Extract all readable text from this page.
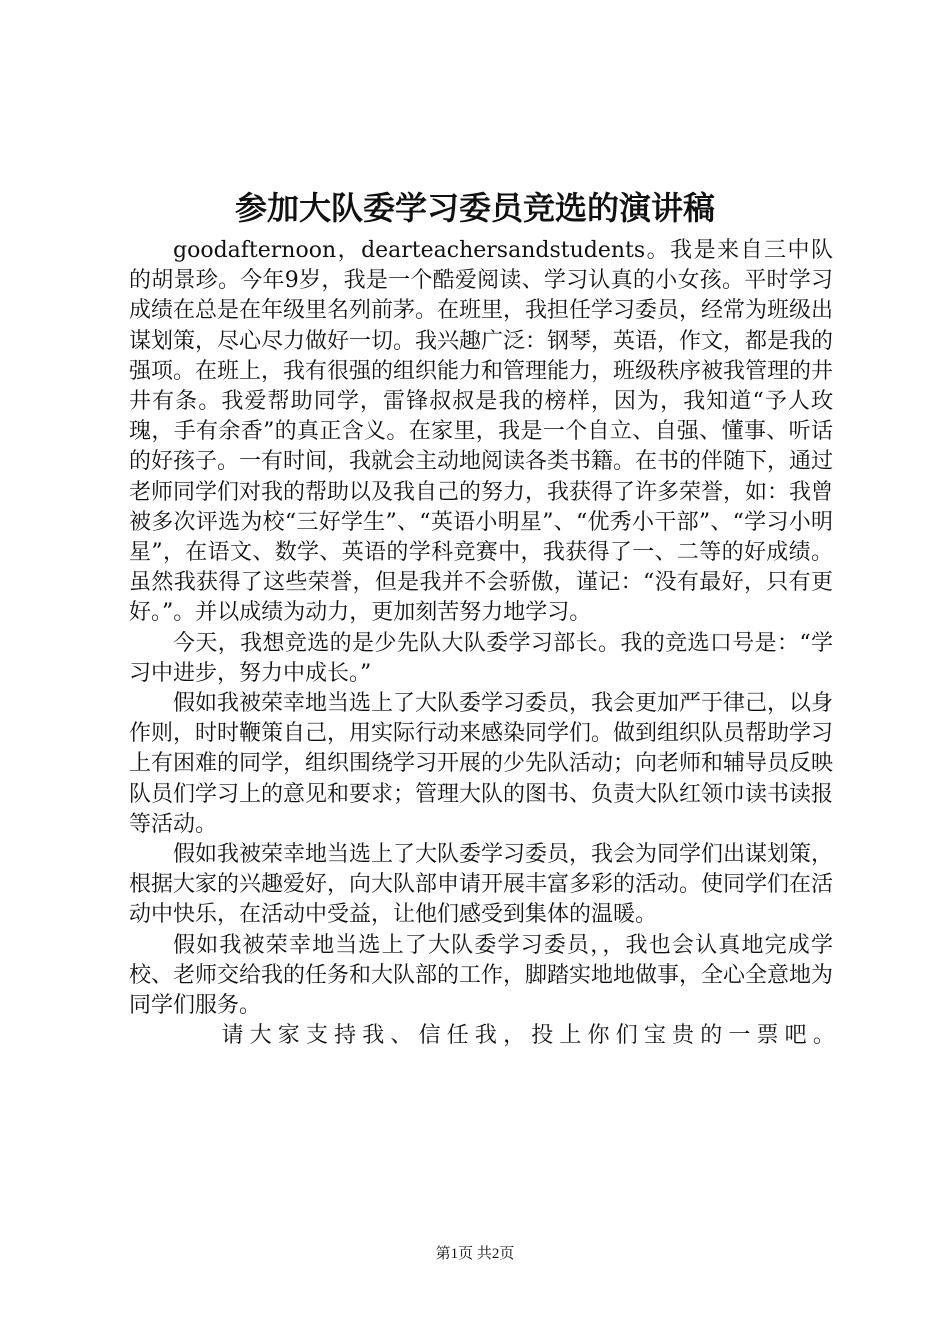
参加大队委学习委员竞选的演讲稿

goodafternoon，dearteachersandstudents。我是来自三中队的胡景珍。今年9岁，我是一个酷爱阅读、学习认真的小女孩。平时学习成绩在总是在年级里名列前茅。在班里，我担任学习委员，经常为班级出谋划策，尽心尽力做好一切。我兴趣广泛：钢琴，英语，作文，都是我的强项。在班上，我有很强的组织能力和管理能力，班级秩序被我管理的井井有条。我爱帮助同学，雷锋叔叔是我的榜样，因为，我知道“予人玫瑰，手有余香”的真正含义。在家里，我是一个自立、自强、懂事、听话的好孩子。一有时间，我就会主动地阅读各类书籍。在书的伴随下，通过老师同学们对我的帮助以及我自己的努力，我获得了许多荣誉，如：我曾被多次评选为校“三好学生”、“英语小明星”、“优秀小干部”、“学习小明星”，在语文、数学、英语的学科竞赛中，我获得了一、二等的好成绩。虽然我获得了这些荣誉，但是我并不会骄傲，谨记：“没有最好，只有更好。”。并以成绩为动力，更加刻苦努力地学习。

今天，我想竞选的是少先队大队委学习部长。我的竞选口号是：“学习中进步，努力中成长。”

假如我被荣幸地当选上了大队委学习委员，我会更加严于律己，以身作则，时时鞭策自己，用实际行动来感染同学们。做到组织队员帮助学习上有困难的同学，组织围绕学习开展的少先队活动；向老师和辅导员反映队员们学习上的意见和要求；管理大队的图书、负责大队红领巾读书读报等活动。

假如我被荣幸地当选上了大队委学习委员，我会为同学们出谋划策，根据大家的兴趣爱好，向大队部申请开展丰富多彩的活动。使同学们在活动中快乐，在活动中受益，让他们感受到集体的温暖。

假如我被荣幸地当选上了大队委学习委员，，我也会认真地完成学校、老师交给我的任务和大队部的工作，脚踏实地地做事，全心全意地为同学们服务。

请大家支持我、信任我，投上你们宝贵的一票吧。

第1页 共2页
